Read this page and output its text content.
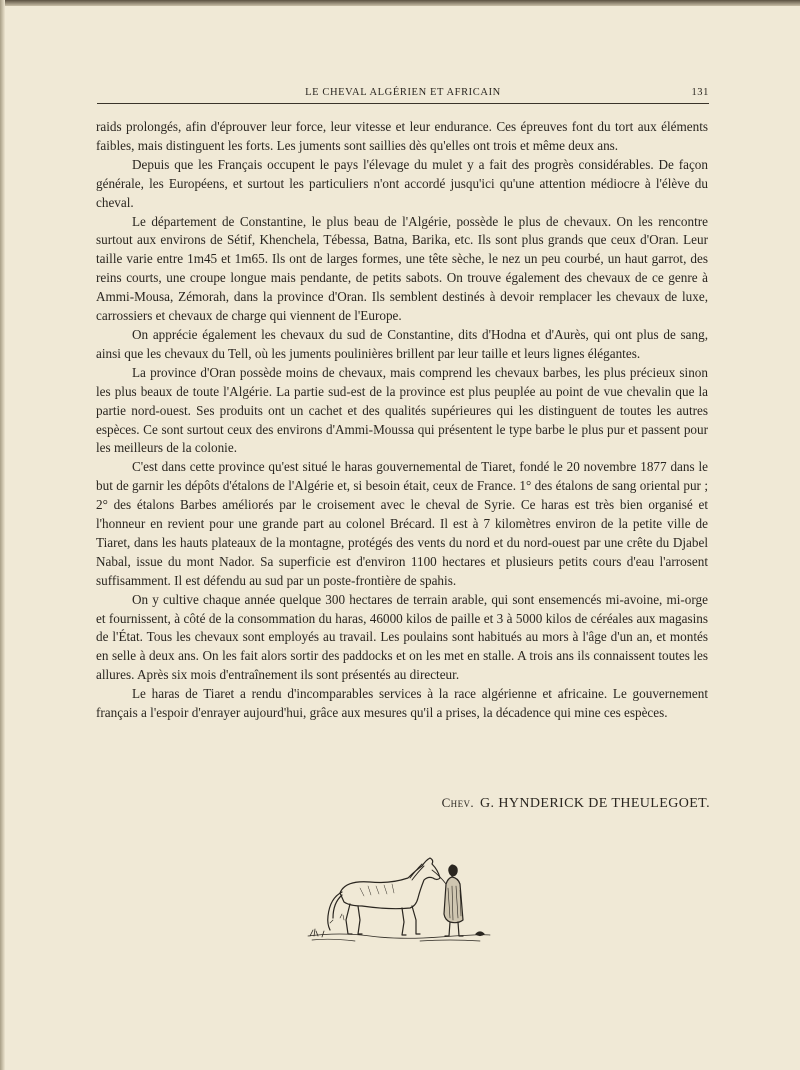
LE CHEVAL ALGÉRIEN ET AFRICAIN	131

raids prolongés, afin d'éprouver leur force, leur vitesse et leur endurance. Ces épreuves font du tort aux éléments faibles, mais distinguent les forts. Les juments sont saillies dès qu'elles ont trois et même deux ans.

Depuis que les Français occupent le pays l'élevage du mulet y a fait des progrès considérables. De façon générale, les Européens, et surtout les particuliers n'ont accordé jusqu'ici qu'une attention médiocre à l'élève du cheval.

Le département de Constantine, le plus beau de l'Algérie, possède le plus de chevaux. On les rencontre surtout aux environs de Sétif, Khenchela, Tébessa, Batna, Barika, etc. Ils sont plus grands que ceux d'Oran. Leur taille varie entre 1m45 et 1m65. Ils ont de larges formes, une tête sèche, le nez un peu courbé, un haut garrot, des reins courts, une croupe longue mais pendante, de petits sabots. On trouve également des chevaux de ce genre à Ammi-Mousa, Zémorah, dans la province d'Oran. Ils semblent destinés à devoir remplacer les chevaux de luxe, carrossiers et chevaux de charge qui viennent de l'Europe.

On apprécie également les chevaux du sud de Constantine, dits d'Hodna et d'Aurès, qui ont plus de sang, ainsi que les chevaux du Tell, où les juments poulinières brillent par leur taille et leurs lignes élégantes.

La province d'Oran possède moins de chevaux, mais comprend les chevaux barbes, les plus précieux sinon les plus beaux de toute l'Algérie. La partie sud-est de la province est plus peuplée au point de vue chevalin que la partie nord-ouest. Ses produits ont un cachet et des qualités supérieures qui les distinguent de toutes les autres espèces. Ce sont surtout ceux des environs d'Ammi-Moussa qui présentent le type barbe le plus pur et passent pour les meilleurs de la colonie.

C'est dans cette province qu'est situé le haras gouvernemental de Tiaret, fondé le 20 novembre 1877 dans le but de garnir les dépôts d'étalons de l'Algérie et, si besoin était, ceux de France. 1° des étalons de sang oriental pur ; 2° des étalons Barbes améliorés par le croisement avec le cheval de Syrie. Ce haras est très bien organisé et l'honneur en revient pour une grande part au colonel Brécard. Il est à 7 kilomètres environ de la petite ville de Tiaret, dans les hauts plateaux de la montagne, protégés des vents du nord et du nord-ouest par une crête du Djabel Nabal, issue du mont Nador. Sa superficie est d'environ 1100 hectares et plusieurs petits cours d'eau l'arrosent suffisamment. Il est défendu au sud par un poste-frontière de spahis.

On y cultive chaque année quelque 300 hectares de terrain arable, qui sont ensemencés mi-avoine, mi-orge et fournissent, à côté de la consommation du haras, 46000 kilos de paille et 3 à 5000 kilos de céréales aux magasins de l'État. Tous les chevaux sont employés au travail. Les poulains sont habitués au mors à l'âge d'un an, et montés en selle à deux ans. On les fait alors sortir des paddocks et on les met en stalle. A trois ans ils connaissent toutes les allures. Après six mois d'entraînement ils sont présentés au directeur.

Le haras de Tiaret a rendu d'incomparables services à la race algérienne et africaine. Le gouvernement français a l'espoir d'enrayer aujourd'hui, grâce aux mesures qu'il a prises, la décadence qui mine ces espèces.

Chev. G. HYNDERICK DE THEULEGOET.
